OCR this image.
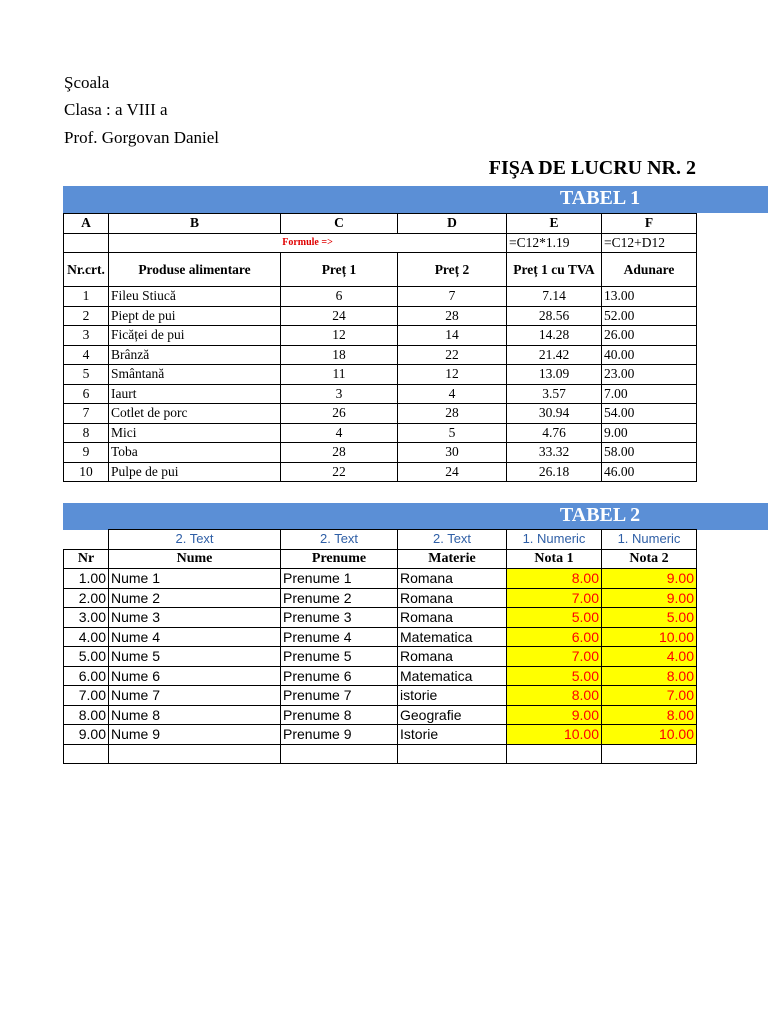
Şcoala
Clasa : a VIII a
Prof. Gorgovan Daniel
FIŞA DE LUCRU NR. 2
TABEL 1
A	B	C	D	E	F
	Formule =>			=C12*1.19	=C12+D12
Nr.crt.	Produse alimentare	Preț 1	Preț 2	Preț 1 cu TVA	Adunare
1	Fileu Stiucă	6	7	7.14	13.00
2	Piept de pui	24	28	28.56	52.00
3	Ficăței de pui	12	14	14.28	26.00
4	Brânză	18	22	21.42	40.00
5	Smântană	11	12	13.09	23.00
6	Iaurt	3	4	3.57	7.00
7	Cotlet de porc	26	28	30.94	54.00
8	Mici	4	5	4.76	9.00
9	Toba	28	30	33.32	58.00
10	Pulpe de pui	22	24	26.18	46.00
TABEL 2
	2. Text	2. Text	2. Text	1. Numeric	1. Numeric
Nr	Nume	Prenume	Materie	Nota 1	Nota 2
1.00	Nume 1	Prenume 1	Romana	8.00	9.00
2.00	Nume 2	Prenume 2	Romana	7.00	9.00
3.00	Nume 3	Prenume 3	Romana	5.00	5.00
4.00	Nume 4	Prenume 4	Matematica	6.00	10.00
5.00	Nume 5	Prenume 5	Romana	7.00	4.00
6.00	Nume 6	Prenume 6	Matematica	5.00	8.00
7.00	Nume 7	Prenume 7	istorie	8.00	7.00
8.00	Nume 8	Prenume 8	Geografie	9.00	8.00
9.00	Nume 9	Prenume 9	Istorie	10.00	10.00
